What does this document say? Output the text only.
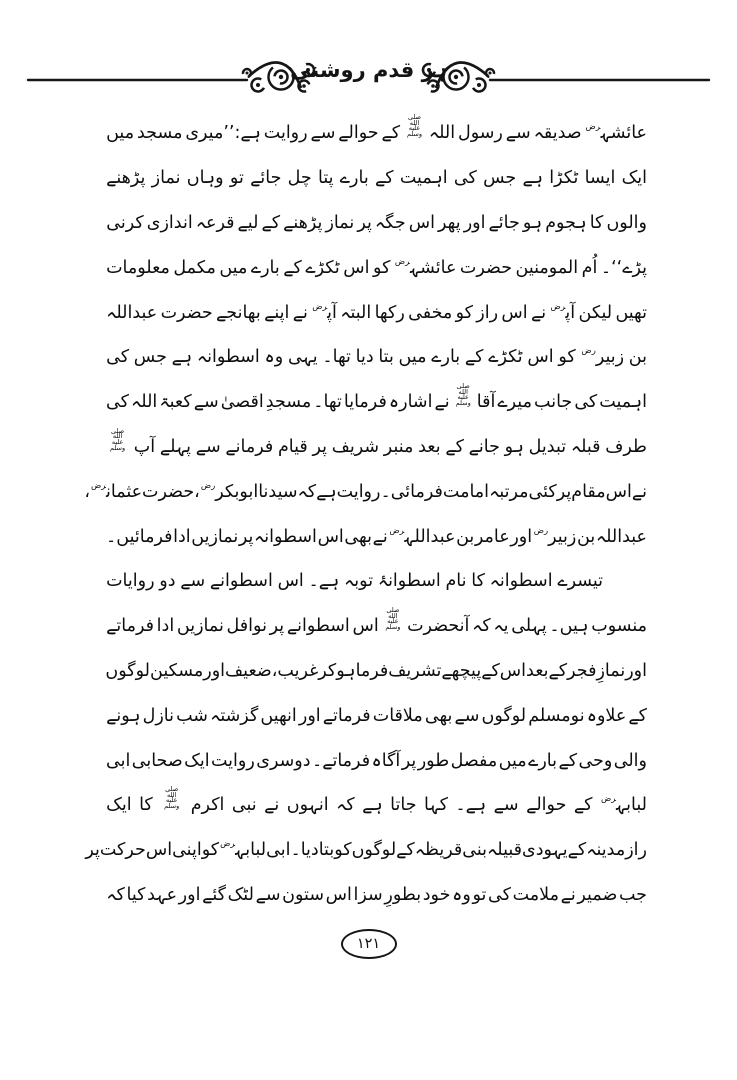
ہر قدم روشنی
عائشہ$^{رض}$
صدیقہ
سے
رسول
اللہ
صلى الله عليه وسلم
کے
حوالے
سے
روایت
ہے:’’میری
مسجد
میں
ایک
ایسا
ٹکڑا
ہے
جس
کی
اہمیت
کے
بارے
پتا
چل
جائے
تو
وہاں
نماز
پڑھنے
والوں
کا
ہجوم
ہو
جائے
اور
پھر
اس
جگہ
پر
نماز
پڑھنے
کے
لیے
قرعہ
اندازی
کرنی
پڑے‘‘۔
اُم
المومنین
حضرت
عائشہ$^{رض}$
کو
اس
ٹکڑے
کے
بارے
میں
مکمل
معلومات
تھیں
لیکن
آپ$^{رض}$
نے
اس
راز
کو
مخفی
رکھا
البتہ
آپ$^{رض}$
نے
اپنے
بھانجے
حضرت
عبداللہ
بن
زبیر$^{رض}$
کو
اس
ٹکڑے
کے
بارے
میں
بتا
دیا
تھا۔
یہی
وہ
اسطوانہ
ہے
جس
کی
اہمیت
کی
جانب
میرے
آقا
صلى الله عليه وسلم
نے
اشارہ
فرمایا
تھا۔
مسجدِ
اقصیٰ
سے
کعبۃ
اللہ
کی
طرف
قبلہ
تبدیل
ہو
جانے
کے
بعد
منبر
شریف
پر
قیام
فرمانے
سے
پہلے
آپ
صلى الله عليه وسلم
نے
اس
مقام
پر
کئی
مرتبہ
امامت
فرمائی۔
روایت
ہے
کہ
سیدنا
ابوبکر$^{رض}$،
حضرت
عثمان$^{رض}$،
عبداللہ
بن
زبیر$^{رض}$
اور
عامر
بن
عبداللہ$^{رض}$
نے
بھی
اس
اسطوانہ
پر
نمازیں
ادا
فرمائیں۔
تیسرے
اسطوانہ
کا
نام
اسطوانۂ
توبہ
ہے۔
اس
اسطوانے
سے
دو
روایات
منسوب
ہیں۔
پہلی
یہ
کہ
آنحضرت
صلى الله عليه وسلم
اس
اسطوانے
پر
نوافل
نمازیں
ادا
فرماتے
اور
نمازِ
فجر
کے
بعد
اس
کے
پیچھے
تشریف
فرما
ہو
کر
غریب،
ضعیف
اور
مسکین
لوگوں
کے
علاوہ
نومسلم
لوگوں
سے
بھی
ملاقات
فرماتے
اور
انھیں
گزشتہ
شب
نازل
ہونے
والی
وحی
کے
بارے
میں
مفصل
طور
پر
آگاہ
فرماتے۔
دوسری
روایت
ایک
صحابی
ابی
لبابہ$^{رض}$
کے
حوالے
سے
ہے۔
کہا
جاتا
ہے
کہ
انہوں
نے
نبی
اکرم
صلى الله عليه وسلم
کا
ایک
راز
مدینہ
کے
یہودی
قبیلہ
بنی
قریظہ
کے
لوگوں
کو
بتا
دیا۔
ابی
لبابہ$^{رض}$
کو
اپنی
اس
حرکت
پر
جب
ضمیر
نے
ملامت
کی
تو
وہ
خود
بطورِ
سزا
اس
ستون
سے
لٹک
گئے
اور
عہد
کیا
کہ
۱۲۱
